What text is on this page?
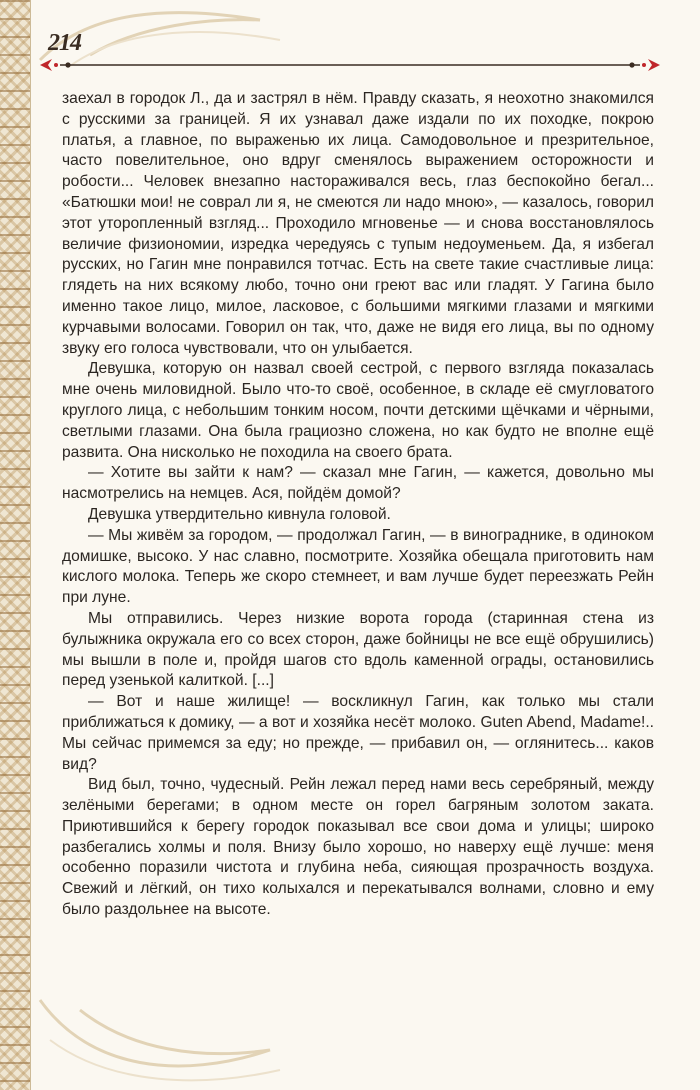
214

заехал в городок Л., да и застрял в нём. Правду сказать, я неохотно знакомился с русскими за границей. Я их узнавал даже издали по их походке, покрою платья, а главное, по выраженью их лица. Самодовольное и презрительное, часто повелительное, оно вдруг сменялось выражением осторожности и робости... Человек внезапно настораживался весь, глаз беспокойно бегал... «Батюшки мои! не соврал ли я, не смеются ли надо мною», — казалось, говорил этот уторопленный взгляд... Проходило мгновенье — и снова восстановлялось величие физиономии, изредка чередуясь с тупым недоуменьем. Да, я избегал русских, но Гагин мне понравился тотчас. Есть на свете такие счастливые лица: глядеть на них всякому любо, точно они греют вас или гладят. У Гагина было именно такое лицо, милое, ласковое, с большими мягкими глазами и мягкими курчавыми волосами. Говорил он так, что, даже не видя его лица, вы по одному звуку его голоса чувствовали, что он улыбается.

Девушка, которую он назвал своей сестрой, с первого взгляда показалась мне очень миловидной. Было что-то своё, особенное, в складе её смугловатого круглого лица, с небольшим тонким носом, почти детскими щёчками и чёрными, светлыми глазами. Она была грациозно сложена, но как будто не вполне ещё развита. Она нисколько не походила на своего брата.

— Хотите вы зайти к нам? — сказал мне Гагин, — кажется, довольно мы насмотрелись на немцев. Ася, пойдём домой?

Девушка утвердительно кивнула головой.

— Мы живём за городом, — продолжал Гагин, — в винограднике, в одиноком домишке, высоко. У нас славно, посмотрите. Хозяйка обещала приготовить нам кислого молока. Теперь же скоро стемнеет, и вам лучше будет переезжать Рейн при луне.

Мы отправились. Через низкие ворота города (старинная стена из булыжника окружала его со всех сторон, даже бойницы не все ещё обрушились) мы вышли в поле и, пройдя шагов сто вдоль каменной ограды, остановились перед узенькой калиткой. [...]

— Вот и наше жилище! — воскликнул Гагин, как только мы стали приближаться к домику, — а вот и хозяйка несёт молоко. Guten Abend, Madame!.. Мы сейчас примемся за еду; но прежде, — прибавил он, — оглянитесь... каков вид?

Вид был, точно, чудесный. Рейн лежал перед нами весь серебряный, между зелёными берегами; в одном месте он горел багряным золотом заката. Приютившийся к берегу городок показывал все свои дома и улицы; широко разбегались холмы и поля. Внизу было хорошо, но наверху ещё лучше: меня особенно поразили чистота и глубина неба, сияющая прозрачность воздуха. Свежий и лёгкий, он тихо колыхался и перекатывался волнами, словно и ему было раздольнее на высоте.
